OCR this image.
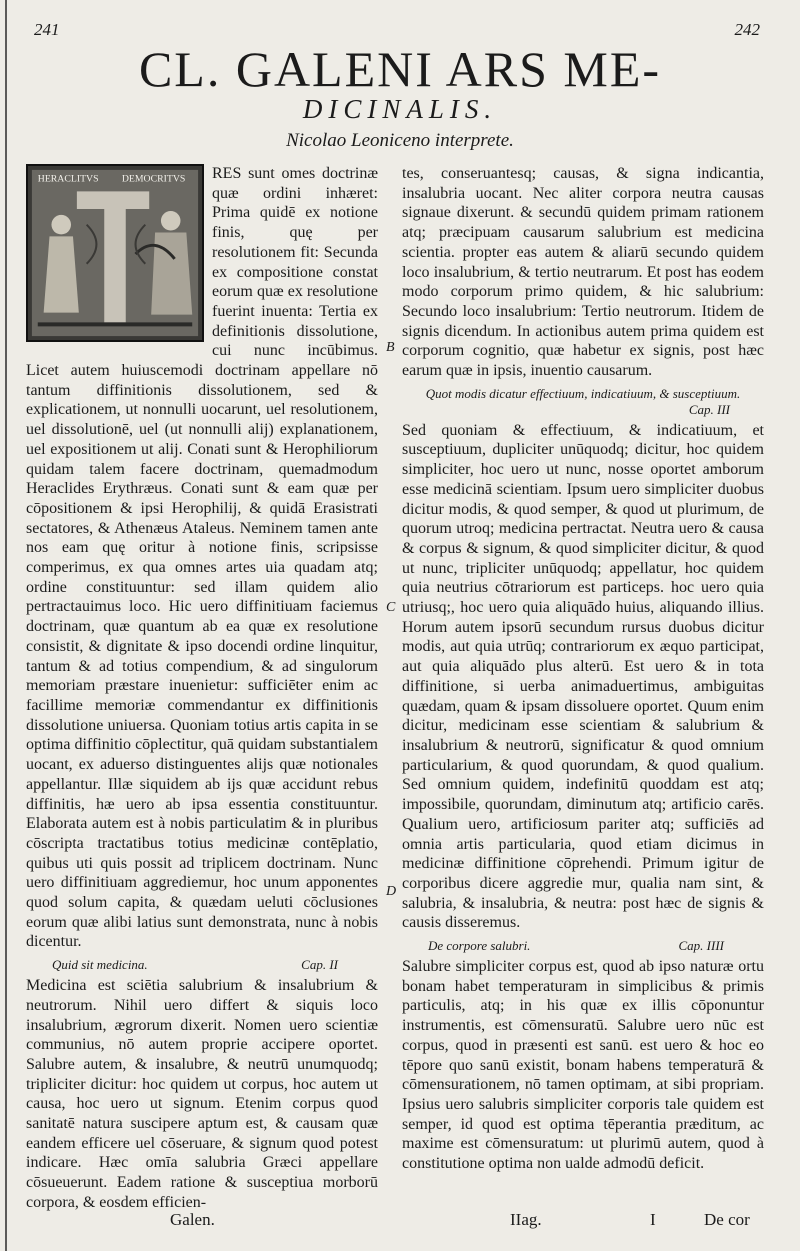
241	242
CL. GALENI ARS ME-
DICINALIS.
Nicolao Leoniceno interprete.
HERACLITVS DEMOCRITVS	RES sunt omes doctrinæ quæ ordini inhæret: Prima quidē ex notione finis, quę per resolutionem fit: Secunda ex compositione constat eorum quæ ex resolutione fuerint inuenta: Tertia ex definitionis dissolutione, cui nunc incūbimus. Licet autem huiuscemodi doctrinam appellare nō tantum diffinitionis dissolutionem, sed & explicationem, ut nonnulli uocarunt, uel resolutionem, uel dissolutionē, uel (ut nonnulli alij) explanationem, uel expositionem ut alij. Conati sunt & Herophiliorum quidam talem facere doctrinam, quemadmodum Heraclides Erythræus. Conati sunt & eam quæ per cōpositionem & ipsi Herophilij, & quidā Erasistrati sectatores, & Athenæus Ataleus. Neminem tamen ante nos eam quę oritur à notione finis, scripsisse comperimus, ex qua omnes artes uia quadam atq; ordine constituuntur: sed illam quidem alio pertractauimus loco. Hic uero diffinitiuam faciemus doctrinam, quæ quantum ab ea quæ ex resolutione consistit, & dignitate & ipso docendi ordine linquitur, tantum & ad totius compendium, & ad singulorum memoriam præstare inuenietur: sufficiēter enim ac facillime memoriæ commendantur ex diffinitionis dissolutione uniuersa. Quoniam totius artis capita in se optima diffinitio cōplectitur, quā quidam substantialem uocant, ex aduerso distinguentes alijs quæ notionales appellantur. Illæ siquidem ab ijs quæ accidunt rebus diffinitis, hæ uero ab ipsa essentia constituuntur. Elaborata autem est à nobis particulatim & in pluribus cōscripta tractatibus totius medicinæ contēplatio, quibus uti quis possit ad triplicem doctrinam. Nunc uero diffinitiuam aggrediemur, hoc unum apponentes quod solum capita, & quædam ueluti cōclusiones eorum quæ alibi latius sunt demonstrata, nunc à nobis dicentur.

Quid sit medicina.	Cap. II

Medicina est sciētia salubrium & insalubrium & neutrorum. Nihil uero differt & siquis loco insalubrium, ægrorum dixerit. Nomen uero scientiæ communius, nō autem proprie accipere oportet. Salubre autem, & insalubre, & neutrū unumquodq; tripliciter dicitur: hoc quidem ut corpus, hoc autem ut causa, hoc uero ut signum. Etenim corpus quod sanitatē natura suscipere aptum est, & causam quæ eandem efficere uel cōseruare, & signum quod potest indicare. Hæc omīa salubria Græci appellare cōsueuerunt. Eadem ratione & susceptiua morborū corpora, & eosdem efficien-

B
C
D

tes, conseruantesq; causas, & signa indicantia, insalubria uocant. Nec aliter corpora neutra causas signaue dixerunt. & secundū quidem primam rationem atq; præcipuam causarum salubrium est medicina scientia. propter eas autem & aliarū secundo quidem loco insalubrium, & tertio neutrarum. Et post has eodem modo corporum primo quidem, & hic salubrium: Secundo loco insalubrium: Tertio neutrorum. Itidem de signis dicendum. In actionibus autem prima quidem est corporum cognitio, quæ habetur ex signis, post hæc earum quæ in ipsis, inuentio causarum.

Quot modis dicatur effectiuum, indicatiuum, & susceptiuum.
Cap. III

Sed quoniam & effectiuum, & indicatiuum, et susceptiuum, dupliciter unūquodq; dicitur, hoc quidem simpliciter, hoc uero ut nunc, nosse oportet amborum esse medicinā scientiam. Ipsum uero simpliciter duobus dicitur modis, & quod semper, & quod ut plurimum, de quorum utroq; medicina pertractat. Neutra uero & causa & corpus & signum, & quod simpliciter dicitur, & quod ut nunc, tripliciter unūquodq; appellatur, hoc quidem quia neutrius cōtrariorum est particeps. hoc uero quia utriusq;, hoc uero quia aliquādo huius, aliquando illius. Horum autem ipsorū secundum rursus duobus dicitur modis, aut quia utrūq; contrariorum ex æquo participat, aut quia aliquādo plus alterū. Est uero & in tota diffinitione, si uerba animaduertimus, ambiguitas quædam, quam & ipsam dissoluere oportet. Quum enim dicitur, medicinam esse scientiam & salubrium & insalubrium & neutrorū, significatur & quod omnium particularium, & quod quorundam, & quod qualium. Sed omnium quidem, indefinitū quoddam est atq; impossibile, quorundam, diminutum atq; artificio carēs. Qualium uero, artificiosum pariter atq; sufficiēs ad omnia artis particularia, quod etiam dicimus in medicinæ diffinitione cōprehendi. Primum igitur de corporibus dicere aggredie mur, qualia nam sint, & salubria, & insalubria, & neutra: post hæc de signis & causis disseremus.

De corpore salubri.	Cap. IIII

Salubre simpliciter corpus est, quod ab ipso naturæ ortu bonam habet temperaturam in simplicibus & primis particulis, atq; in his quæ ex illis cōponuntur instrumentis, est cōmensuratū. Salubre uero nūc est corpus, quod in præsenti est sanū. est uero & hoc eo tēpore quo sanū existit, bonam habens temperaturā & cōmensurationem, nō tamen optimam, at sibi propriam. Ipsius uero salubris simpliciter corporis tale quidem est semper, id quod est optima tēperantia præditum, ac maxime est cōmensuratum: ut plurimū autem, quod à constitutione optima non ualde admodū deficit.

Galen.	IIag.	I	De cor
